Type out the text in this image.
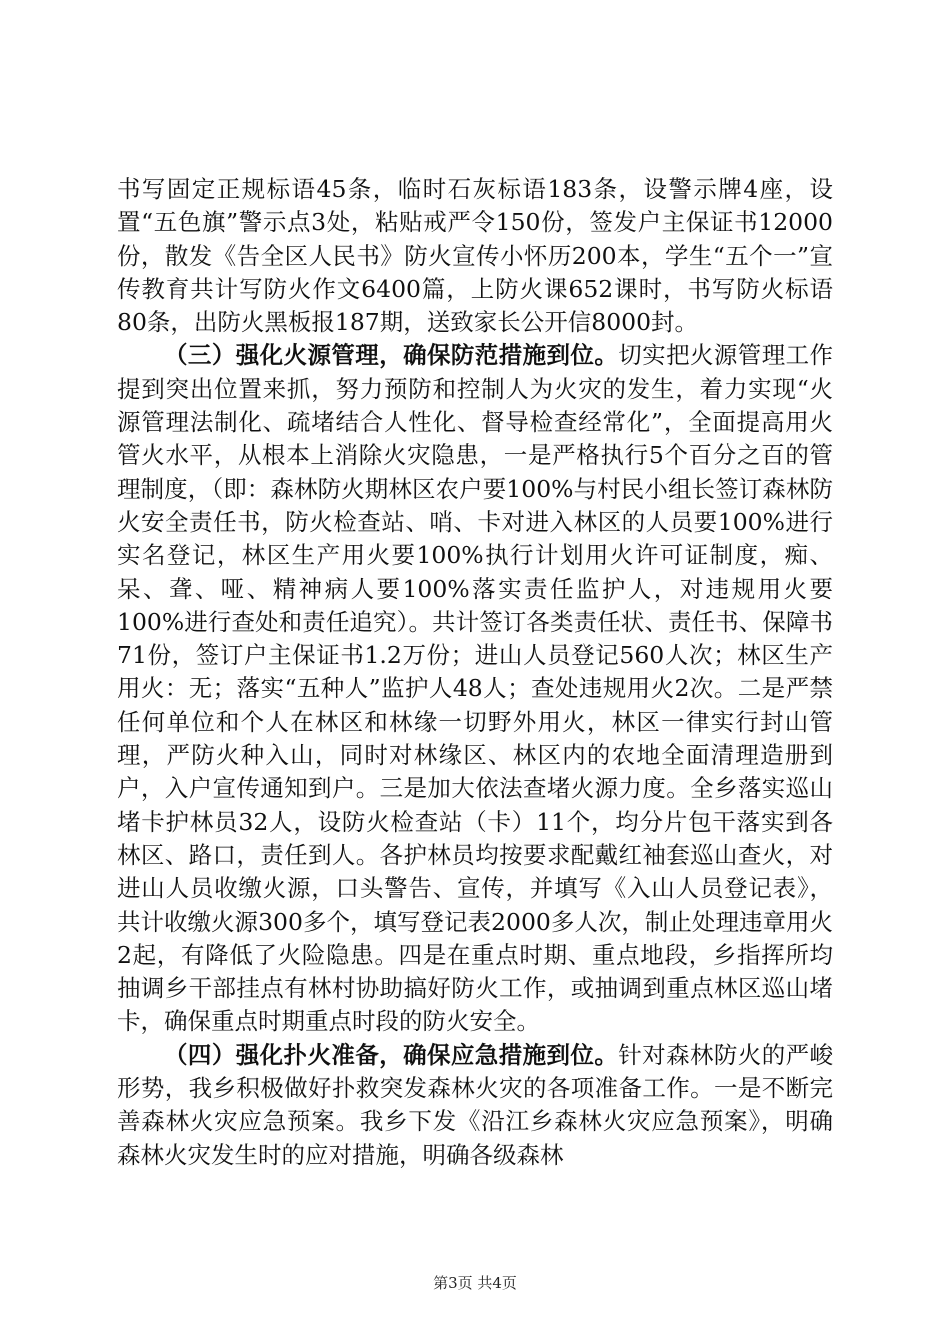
书写固定正规标语45条，临时石灰标语183条，设警示牌4座，设置“五色旗”警示点3处，粘贴戒严令150份，签发户主保证书12000份，散发《告全区人民书》防火宣传小怀历200本，学生“五个一”宣传教育共计写防火作文6400篇，上防火课652课时，书写防火标语80条，出防火黑板报187期，送致家长公开信8000封。

（三）强化火源管理，确保防范措施到位。切实把火源管理工作提到突出位置来抓，努力预防和控制人为火灾的发生，着力实现“火源管理法制化、疏堵结合人性化、督导检查经常化”，全面提高用火管火水平，从根本上消除火灾隐患，一是严格执行5个百分之百的管理制度，（即：森林防火期林区农户要100%与村民小组长签订森林防火安全责任书，防火检查站、哨、卡对进入林区的人员要100%进行实名登记，林区生产用火要100%执行计划用火许可证制度，痴、呆、聋、哑、精神病人要100%落实责任监护人，对违规用火要100%进行查处和责任追究）。共计签订各类责任状、责任书、保障书71份，签订户主保证书1.2万份；进山人员登记560人次；林区生产用火：无；落实“五种人”监护人48人；查处违规用火2次。二是严禁任何单位和个人在林区和林缘一切野外用火，林区一律实行封山管理，严防火种入山，同时对林缘区、林区内的农地全面清理造册到户，入户宣传通知到户。三是加大依法查堵火源力度。全乡落实巡山堵卡护林员32人，设防火检查站（卡）11个，均分片包干落实到各林区、路口，责任到人。各护林员均按要求配戴红袖套巡山查火，对进山人员收缴火源，口头警告、宣传，并填写《入山人员登记表》，共计收缴火源300多个，填写登记表2000多人次，制止处理违章用火2起，有降低了火险隐患。四是在重点时期、重点地段，乡指挥所均抽调乡干部挂点有林村协助搞好防火工作，或抽调到重点林区巡山堵卡，确保重点时期重点时段的防火安全。

（四）强化扑火准备，确保应急措施到位。针对森林防火的严峻形势，我乡积极做好扑救突发森林火灾的各项准备工作。一是不断完善森林火灾应急预案。我乡下发《沿江乡森林火灾应急预案》，明确森林火灾发生时的应对措施，明确各级森林

第3页 共4页
